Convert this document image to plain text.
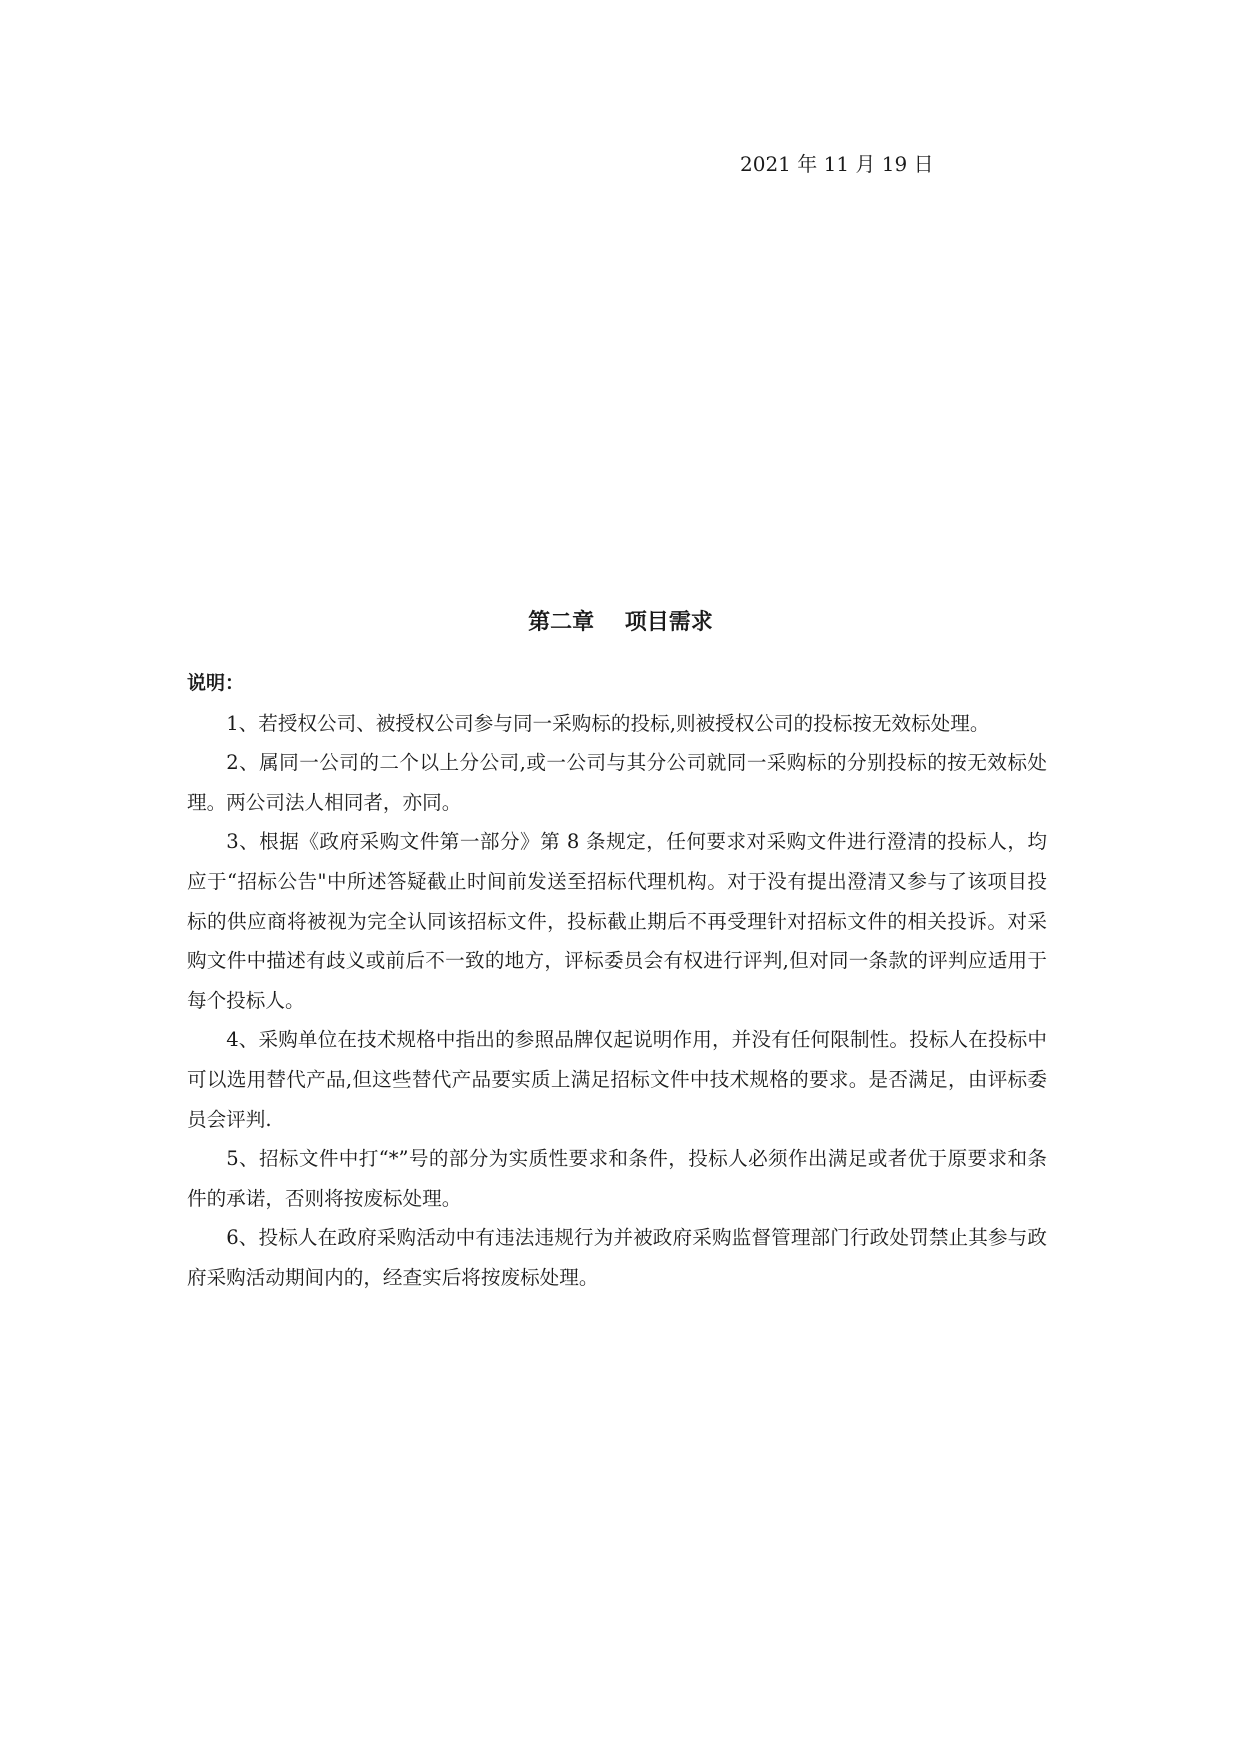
2021 年 11 月 19 日
第二章    项目需求

说明：

1、若授权公司、被授权公司参与同一采购标的投标,则被授权公司的投标按无效标处理。

2、属同一公司的二个以上分公司,或一公司与其分公司就同一采购标的分别投标的按无效标处理。两公司法人相同者，亦同。

3、根据《政府采购文件第一部分》第 8 条规定，任何要求对采购文件进行澄清的投标人，均应于“招标公告"中所述答疑截止时间前发送至招标代理机构。对于没有提出澄清又参与了该项目投标的供应商将被视为完全认同该招标文件，投标截止期后不再受理针对招标文件的相关投诉。对采购文件中描述有歧义或前后不一致的地方，评标委员会有权进行评判,但对同一条款的评判应适用于每个投标人。

4、采购单位在技术规格中指出的参照品牌仅起说明作用，并没有任何限制性。投标人在投标中可以选用替代产品,但这些替代产品要实质上满足招标文件中技术规格的要求。是否满足，由评标委员会评判.

5、招标文件中打“*”号的部分为实质性要求和条件，投标人必须作出满足或者优于原要求和条件的承诺，否则将按废标处理。

6、投标人在政府采购活动中有违法违规行为并被政府采购监督管理部门行政处罚禁止其参与政府采购活动期间内的，经查实后将按废标处理。
